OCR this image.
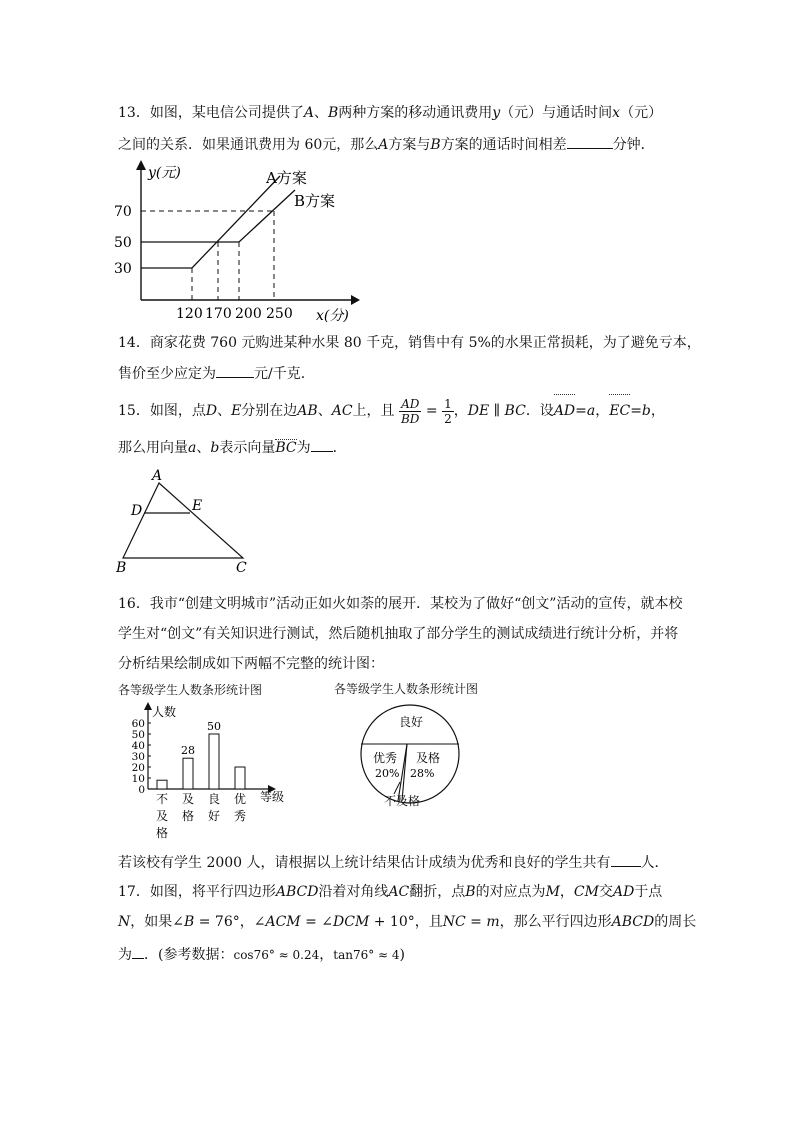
13．如图，某电信公司提供了A、B两种方案的移动通讯费用y（元）与通话时间x（元）
之间的关系．如果通讯费用为 60元，那么A方案与B方案的通话时间相差	分钟．
y(元)
x(分)
70
50
30
120 170 200 250
A方案
B方案
14．商家花费 760 元购进某种水果 80 千克，销售中有 5%的水果正常损耗，为了避免亏本，
售价至少应定为	元/千克．
15．如图，点D、E分别在边AB、AC上，且 $\frac{AD}{BD} = \frac{1}{2}$ ，DE ∥ BC．设AD=a，EC=b，
那么用向量a、b表示向量BC为 ．
A
D	E
B	C
16．我市“创建文明城市”活动正如火如荼的展开．某校为了做好“创文”活动的宣传，就本校
学生对“创文”有关知识进行测试，然后随机抽取了部分学生的测试成绩进行统计分析，并将
分析结果绘制成如下两幅不完整的统计图：
各等级学生人数条形统计图	各等级学生人数条形统计图
人数
等级
60
50
40
30
20
10
0
不
及
格
28
及
格
50
良
好
优
秀
良好
优秀
20%
及格
28%
不及格
若该校有学生 2000 人，请根据以上统计结果估计成绩为优秀和良好的学生共有 人．
17．如图，将平行四边形ABCD沿着对角线AC翻折，点B的对应点为M，CM交AD于点
N，如果∠B = 76°，∠ACM = ∠DCM + 10°，且NC = m，那么平行四边形ABCD的周长
为 ．(参考数据：cos76° ≈ 0.24，tan76° ≈ 4)
